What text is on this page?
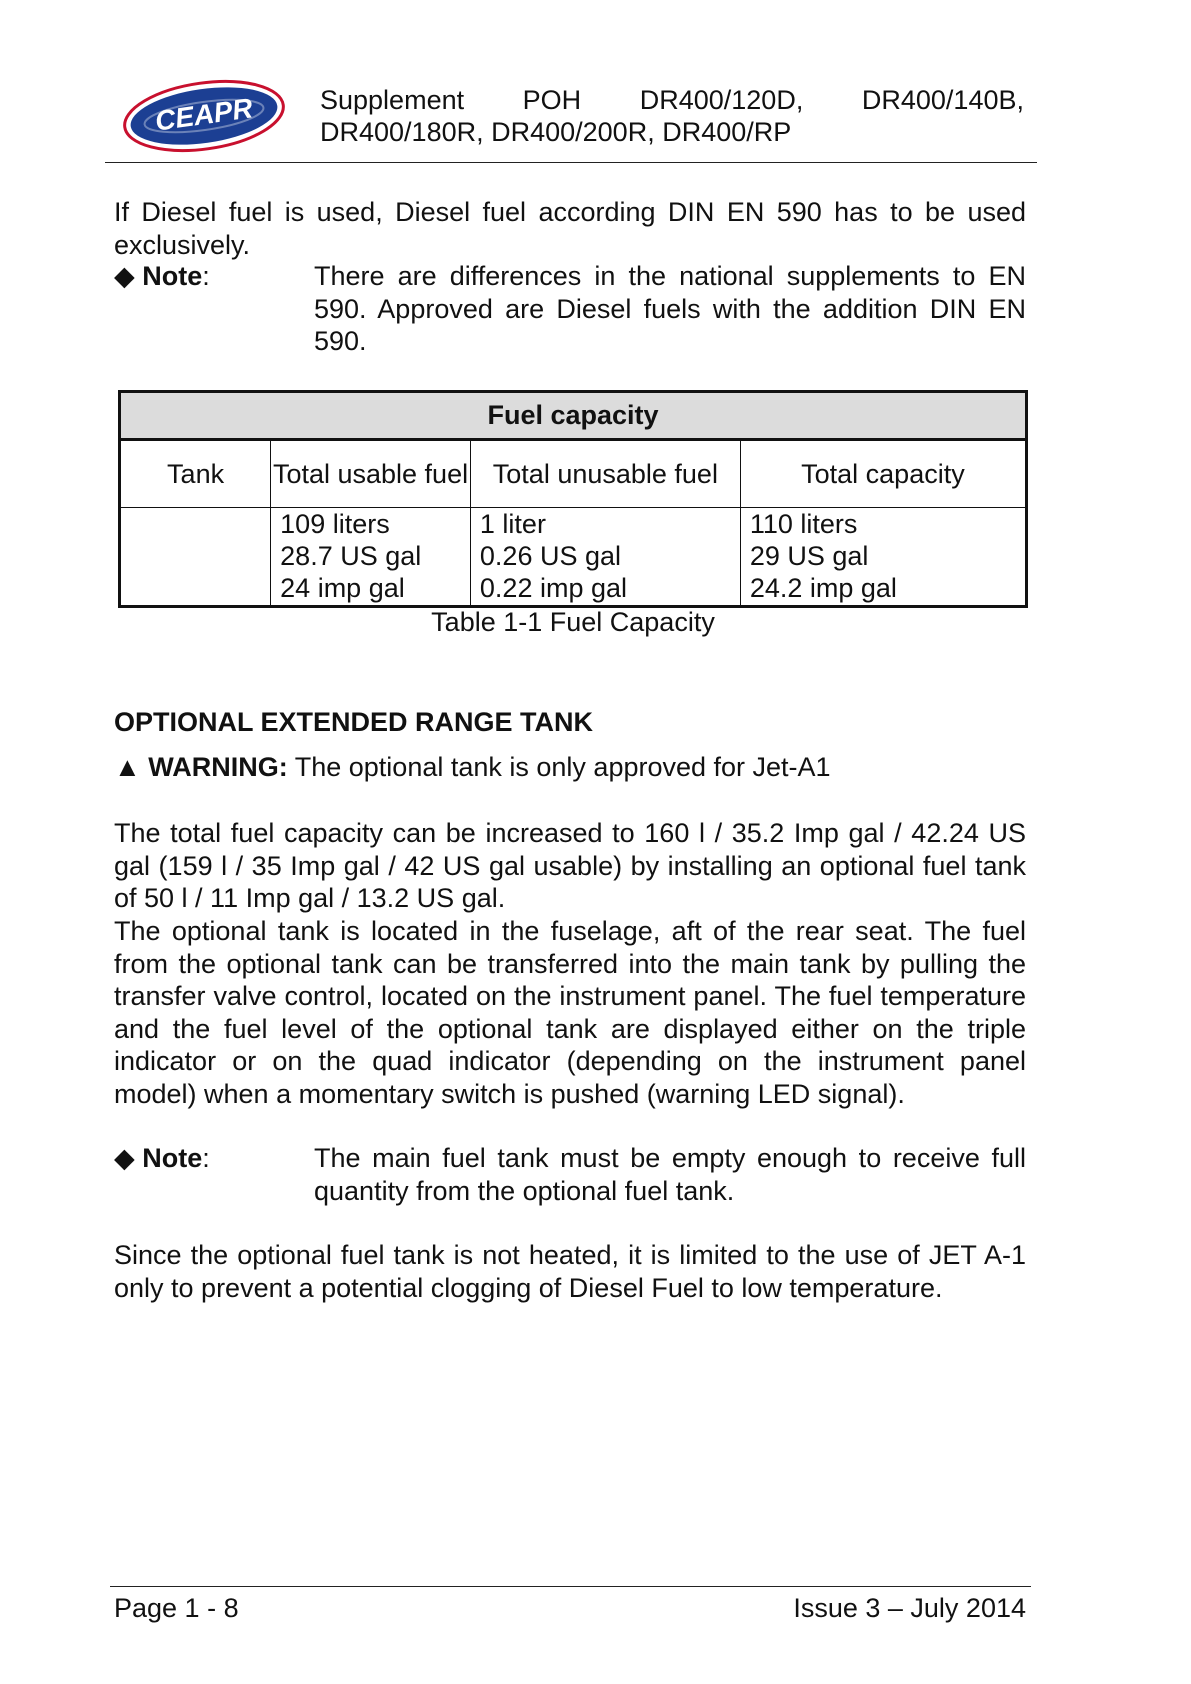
CEAPR Supplement POH DR400/120D, DR400/140B,
DR400/180R, DR400/200R, DR400/RP
If Diesel fuel is used, Diesel fuel according DIN EN 590 has to be used exclusively.
◆ Note:	There are differences in the national supplements to EN 590. Approved are Diesel fuels with the addition DIN EN 590.
Fuel capacity			
Tank	Total usable fuel	Total unusable fuel	Total capacity

	109 liters
28.7 US gal
24 imp gal	1 liter
0.26 US gal
0.22 imp gal	110 liters
29 US gal
24.2 imp gal
Table 1-1 Fuel Capacity
OPTIONAL EXTENDED RANGE TANK
▲ WARNING: The optional tank is only approved for Jet-A1
The total fuel capacity can be increased to 160 l / 35.2 Imp gal / 42.24 US gal (159 l / 35 Imp gal / 42 US gal usable) by installing an optional fuel tank of 50 l / 11 Imp gal / 13.2 US gal.
The optional tank is located in the fuselage, aft of the rear seat. The fuel from the optional tank can be transferred into the main tank by pulling the transfer valve control, located on the instrument panel. The fuel temperature and the fuel level of the optional tank are displayed either on the triple indicator or on the quad indicator (depending on the instrument panel model) when a momentary switch is pushed (warning LED signal).
◆ Note:	The main fuel tank must be empty enough to receive full quantity from the optional fuel tank.
Since the optional fuel tank is not heated, it is limited to the use of JET A-1 only to prevent a potential clogging of Diesel Fuel to low temperature.
Page 1 - 8	Issue 3 – July 2014
